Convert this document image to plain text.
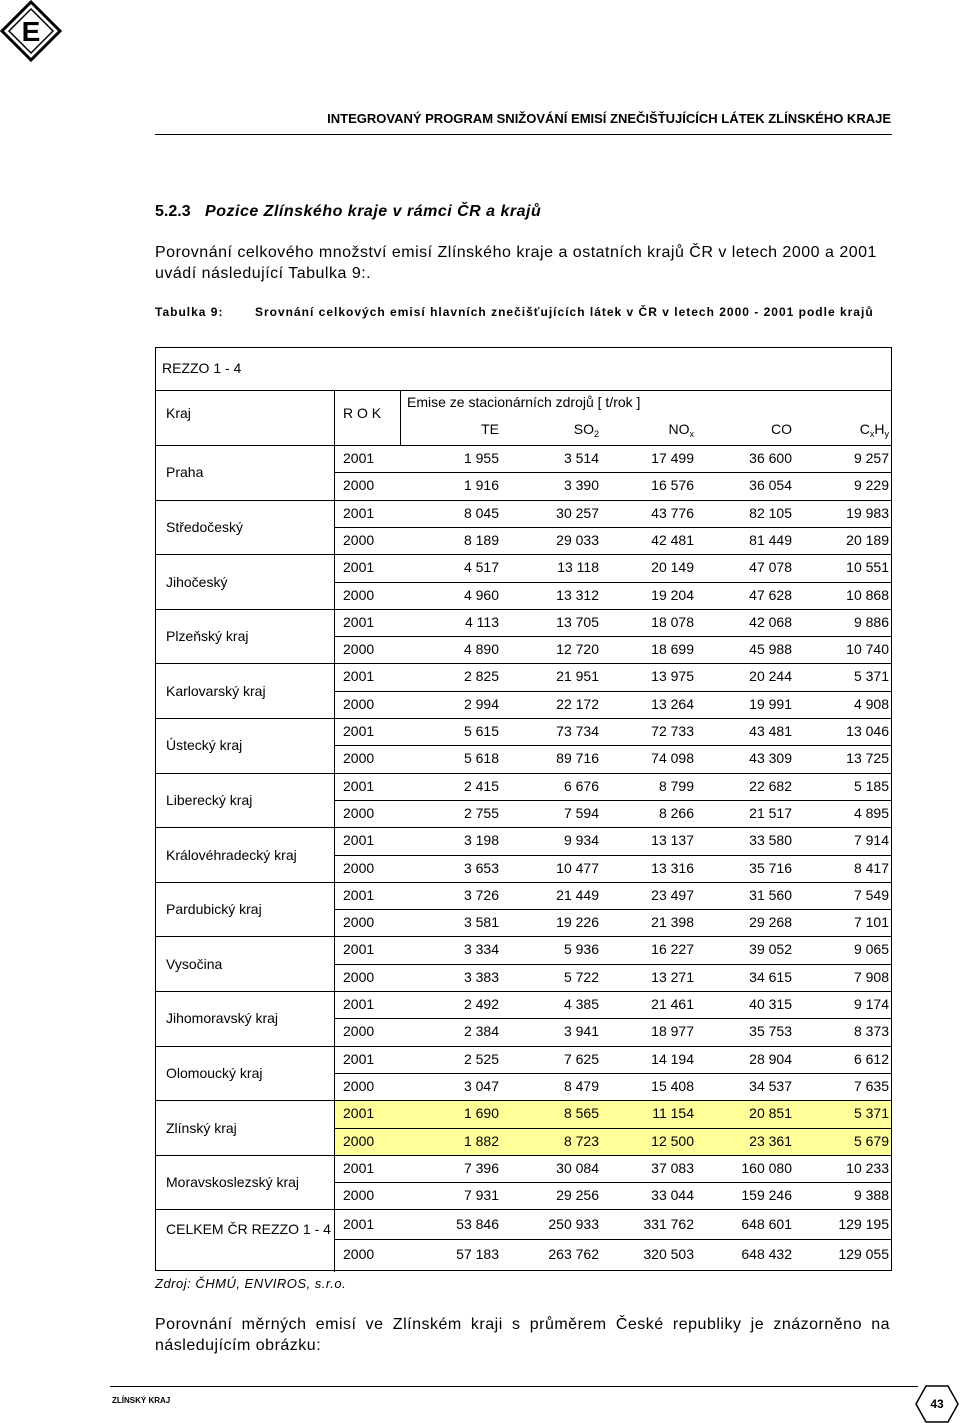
E
INTEGROVANÝ PROGRAM SNIŽOVÁNÍ EMISÍ ZNEČIŠŤUJÍCÍCH LÁTEK ZLÍNSKÉHO KRAJE
5.2.3 Pozice Zlínského kraje v rámci ČR a krajů
Porovnání celkového množství emisí Zlínského kraje a ostatních krajů ČR v letech 2000 a 2001 uvádí následující Tabulka 9:.
Tabulka 9:	Srovnání celkových emisí hlavních znečišťujících látek v ČR v letech 2000 - 2001 podle krajů
REZZO 1 - 4
Kraj	R O K
Emise ze stacionárních zdrojů [ t/rok ]
TE	$SO_2$	$NO_x$	CO	$C_xH_y$
Praha
2001	1 955	3 514	17 499	36 600	9 257
2000	1 916	3 390	16 576	36 054	9 229
Středočeský
2001	8 045	30 257	43 776	82 105	19 983
2000	8 189	29 033	42 481	81 449	20 189
Jihočeský
2001	4 517	13 118	20 149	47 078	10 551
2000	4 960	13 312	19 204	47 628	10 868
Plzeňský kraj
2001	4 113	13 705	18 078	42 068	9 886
2000	4 890	12 720	18 699	45 988	10 740
Karlovarský kraj
2001	2 825	21 951	13 975	20 244	5 371
2000	2 994	22 172	13 264	19 991	4 908
Ústecký kraj
2001	5 615	73 734	72 733	43 481	13 046
2000	5 618	89 716	74 098	43 309	13 725
Liberecký kraj
2001	2 415	6 676	8 799	22 682	5 185
2000	2 755	7 594	8 266	21 517	4 895
Královéhradecký kraj
2001	3 198	9 934	13 137	33 580	7 914
2000	3 653	10 477	13 316	35 716	8 417
Pardubický kraj
2001	3 726	21 449	23 497	31 560	7 549
2000	3 581	19 226	21 398	29 268	7 101
Vysočina
2001	3 334	5 936	16 227	39 052	9 065
2000	3 383	5 722	13 271	34 615	7 908
Jihomoravský kraj
2001	2 492	4 385	21 461	40 315	9 174
2000	2 384	3 941	18 977	35 753	8 373
Olomoucký kraj
2001	2 525	7 625	14 194	28 904	6 612
2000	3 047	8 479	15 408	34 537	7 635
Zlínský kraj
2001	1 690	8 565	11 154	20 851	5 371
2000	1 882	8 723	12 500	23 361	5 679
Moravskoslezský kraj
2001	7 396	30 084	37 083	160 080	10 233
2000	7 931	29 256	33 044	159 246	9 388
CELKEM ČR REZZO 1 - 4 2001	53 846	250 933	331 762	648 601	129 195
2000	57 183	263 762	320 503	648 432	129 055
Zdroj: ČHMÚ, ENVIROS, s.r.o.
Porovnání měrných emisí ve Zlínském kraji s průměrem České republiky je znázorněno na následujícím obrázku:
ZLÍNSKÝ KRAJ	43
